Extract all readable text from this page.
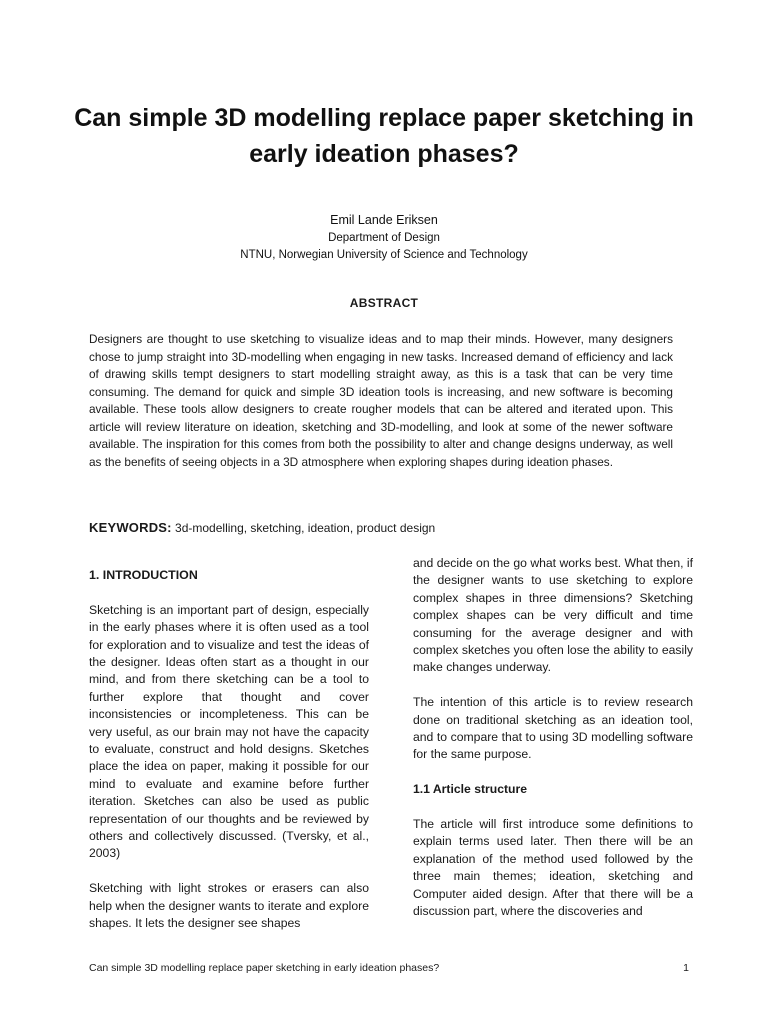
Can simple 3D modelling replace paper sketching in early ideation phases?
Emil Lande Eriksen
Department of Design
NTNU, Norwegian University of Science and Technology
ABSTRACT

Designers are thought to use sketching to visualize ideas and to map their minds. However, many designers chose to jump straight into 3D-modelling when engaging in new tasks. Increased demand of efficiency and lack of drawing skills tempt designers to start modelling straight away, as this is a task that can be very time consuming. The demand for quick and simple 3D ideation tools is increasing, and new software is becoming available. These tools allow designers to create rougher models that can be altered and iterated upon. This article will review literature on ideation, sketching and 3D-modelling, and look at some of the newer software available. The inspiration for this comes from both the possibility to alter and change designs underway, as well as the benefits of seeing objects in a 3D atmosphere when exploring shapes during ideation phases.

KEYWORDS: 3d-modelling, sketching, ideation, product design

1. INTRODUCTION

Sketching is an important part of design, especially in the early phases where it is often used as a tool for exploration and to visualize and test the ideas of the designer. Ideas often start as a thought in our mind, and from there sketching can be a tool to further explore that thought and cover inconsistencies or incompleteness. This can be very useful, as our brain may not have the capacity to evaluate, construct and hold designs. Sketches place the idea on paper, making it possible for our mind to evaluate and examine before further iteration. Sketches can also be used as public representation of our thoughts and be reviewed by others and collectively discussed. (Tversky, et al., 2003)

Sketching with light strokes or erasers can also help when the designer wants to iterate and explore shapes. It lets the designer see shapes

and decide on the go what works best. What then, if the designer wants to use sketching to explore complex shapes in three dimensions? Sketching complex shapes can be very difficult and time consuming for the average designer and with complex sketches you often lose the ability to easily make changes underway.

The intention of this article is to review research done on traditional sketching as an ideation tool, and to compare that to using 3D modelling software for the same purpose.

1.1 Article structure

The article will first introduce some definitions to explain terms used later. Then there will be an explanation of the method used followed by the three main themes; ideation, sketching and Computer aided design. After that there will be a discussion part, where the discoveries and

Can simple 3D modelling replace paper sketching in early ideation phases?	1
